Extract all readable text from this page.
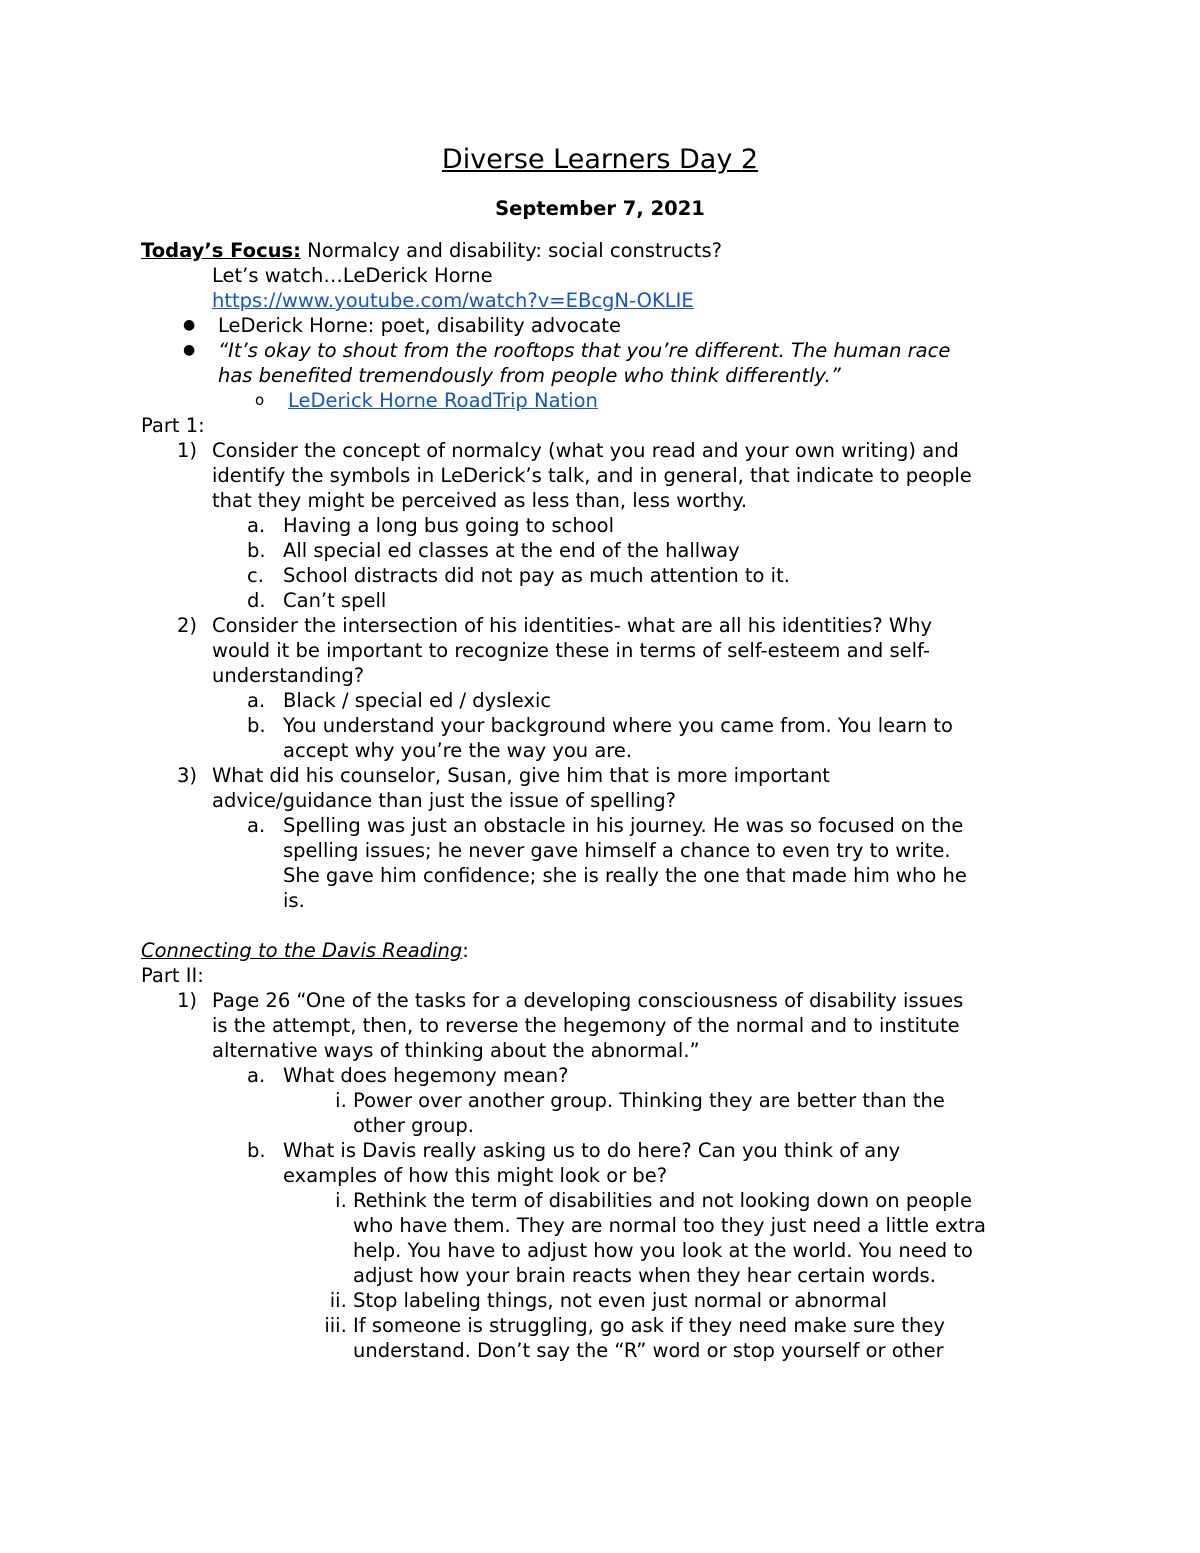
Diverse Learners Day 2
September 7, 2021
Today’s Focus: Normalcy and disability: social constructs?
Let’s watch…LeDerick Horne
https://www.youtube.com/watch?v=EBcgN-OKLIE
●	LeDerick Horne: poet, disability advocate
●	“It’s okay to shout from the rooftops that you’re different. The human race
has benefited tremendously from people who think differently.”
o	LeDerick Horne RoadTrip Nation
Part 1:
1) Consider the concept of normalcy (what you read and your own writing) and
identify the symbols in LeDerick’s talk, and in general, that indicate to people
that they might be perceived as less than, less worthy.
a. Having a long bus going to school
b. All special ed classes at the end of the hallway
c. School distracts did not pay as much attention to it.
d. Can’t spell
2) Consider the intersection of his identities- what are all his identities? Why
would it be important to recognize these in terms of self-esteem and self-
understanding?
a. Black / special ed / dyslexic
b. You understand your background where you came from. You learn to
accept why you’re the way you are.
3) What did his counselor, Susan, give him that is more important
advice/guidance than just the issue of spelling?
a. Spelling was just an obstacle in his journey. He was so focused on the
spelling issues; he never gave himself a chance to even try to write.
She gave him confidence; she is really the one that made him who he
is.
Connecting to the Davis Reading:
Part II:
1) Page 26 “One of the tasks for a developing consciousness of disability issues
is the attempt, then, to reverse the hegemony of the normal and to institute
alternative ways of thinking about the abnormal.”
a. What does hegemony mean?
i. Power over another group. Thinking they are better than the
other group.
b. What is Davis really asking us to do here? Can you think of any
examples of how this might look or be?
i. Rethink the term of disabilities and not looking down on people
who have them. They are normal too they just need a little extra
help. You have to adjust how you look at the world. You need to
adjust how your brain reacts when they hear certain words.
ii. Stop labeling things, not even just normal or abnormal
iii. If someone is struggling, go ask if they need make sure they
understand. Don’t say the “R” word or stop yourself or other
